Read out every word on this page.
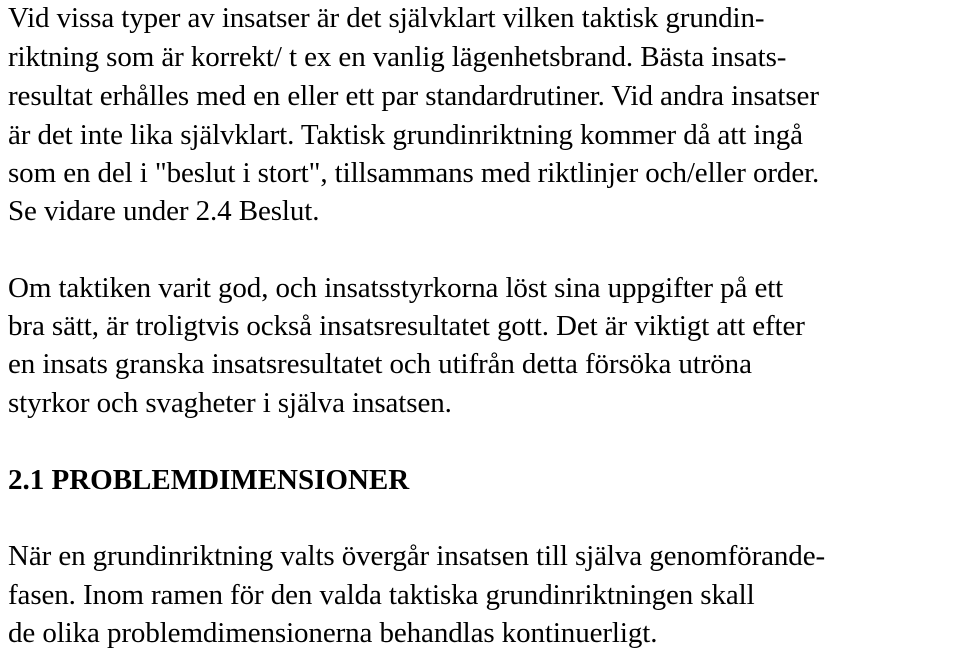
Vid vissa typer av insatser är det självklart vilken taktisk grundin-
riktning som är korrekt/ t ex en vanlig lägenhetsbrand. Bästa insats-
resultat erhålles med en eller ett par standardrutiner. Vid andra insatser
är det inte lika självklart. Taktisk grundinriktning kommer då att ingå
som en del i "beslut i stort", tillsammans med riktlinjer och/eller order.
Se vidare under 2.4 Beslut.
Om taktiken varit god, och insatsstyrkorna löst sina uppgifter på ett
bra sätt, är troligtvis också insatsresultatet gott. Det är viktigt att efter
en insats granska insatsresultatet och utifrån detta försöka utröna
styrkor och svagheter i själva insatsen.
2.1 PROBLEMDIMENSIONER
När en grundinriktning valts övergår insatsen till själva genomförande-
fasen. Inom ramen för den valda taktiska grundinriktningen skall
de olika problemdimensionerna behandlas kontinuerligt.
